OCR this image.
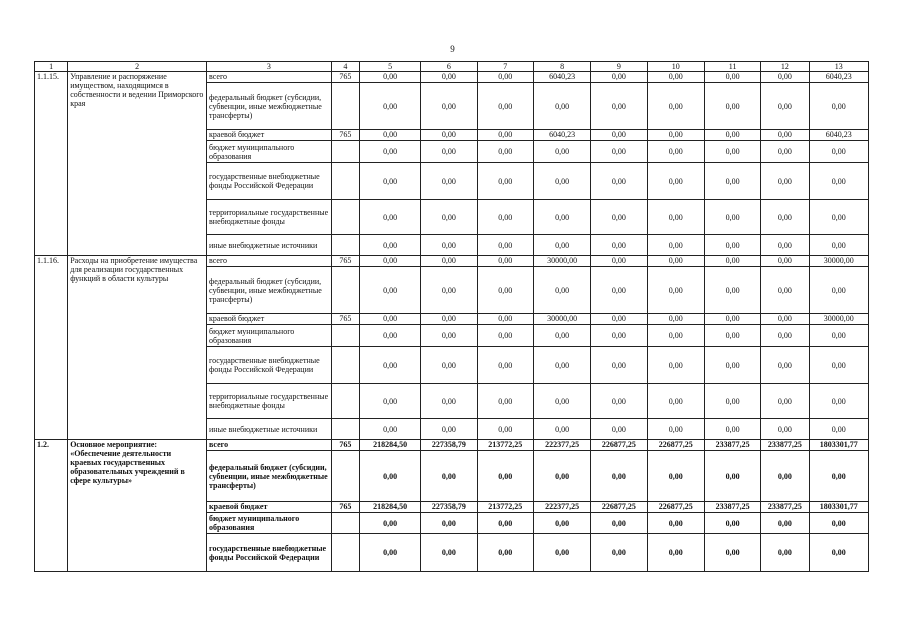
9
1	2	3	4	5	6	7	8	9	10	11	12	13
1.1.15.	Управление и распоряжение имуществом, находящимся в собственности и ведении Приморского края	всего	765	0,00	0,00	0,00	6040,23	0,00	0,00	0,00	0,00	6040,23
		федеральный бюджет (субсидии, субвенции, иные межбюджетные трансферты)		0,00	0,00	0,00	0,00	0,00	0,00	0,00	0,00	0,00
		краевой бюджет	765	0,00	0,00	0,00	6040,23	0,00	0,00	0,00	0,00	6040,23
		бюджет муниципального образования		0,00	0,00	0,00	0,00	0,00	0,00	0,00	0,00	0,00
		государственные внебюджетные фонды Российской Федерации		0,00	0,00	0,00	0,00	0,00	0,00	0,00	0,00	0,00
		территориальные государственные внебюджетные фонды		0,00	0,00	0,00	0,00	0,00	0,00	0,00	0,00	0,00
		иные внебюджетные источники		0,00	0,00	0,00	0,00	0,00	0,00	0,00	0,00	0,00
1.1.16.	Расходы на приобретение имущества для реализации государственных функций в области культуры	всего	765	0,00	0,00	0,00	30000,00	0,00	0,00	0,00	0,00	30000,00
		федеральный бюджет (субсидии, субвенции, иные межбюджетные трансферты)		0,00	0,00	0,00	0,00	0,00	0,00	0,00	0,00	0,00
		краевой бюджет	765	0,00	0,00	0,00	30000,00	0,00	0,00	0,00	0,00	30000,00
		бюджет муниципального образования		0,00	0,00	0,00	0,00	0,00	0,00	0,00	0,00	0,00
		государственные внебюджетные фонды Российской Федерации		0,00	0,00	0,00	0,00	0,00	0,00	0,00	0,00	0,00
		территориальные государственные внебюджетные фонды		0,00	0,00	0,00	0,00	0,00	0,00	0,00	0,00	0,00
		иные внебюджетные источники		0,00	0,00	0,00	0,00	0,00	0,00	0,00	0,00	0,00
1.2.	Основное мероприятие: «Обеспечение деятельности краевых государственных образовательных учреждений в сфере культуры»	всего	765	218284,50	227358,79	213772,25	222377,25	226877,25	226877,25	233877,25	233877,25	1803301,77
		федеральный бюджет (субсидии, субвенции, иные межбюджетные трансферты)		0,00	0,00	0,00	0,00	0,00	0,00	0,00	0,00	0,00
		краевой бюджет	765	218284,50	227358,79	213772,25	222377,25	226877,25	226877,25	233877,25	233877,25	1803301,77
		бюджет муниципального образования		0,00	0,00	0,00	0,00	0,00	0,00	0,00	0,00	0,00
		государственные внебюджетные фонды Российской Федерации		0,00	0,00	0,00	0,00	0,00	0,00	0,00	0,00	0,00
